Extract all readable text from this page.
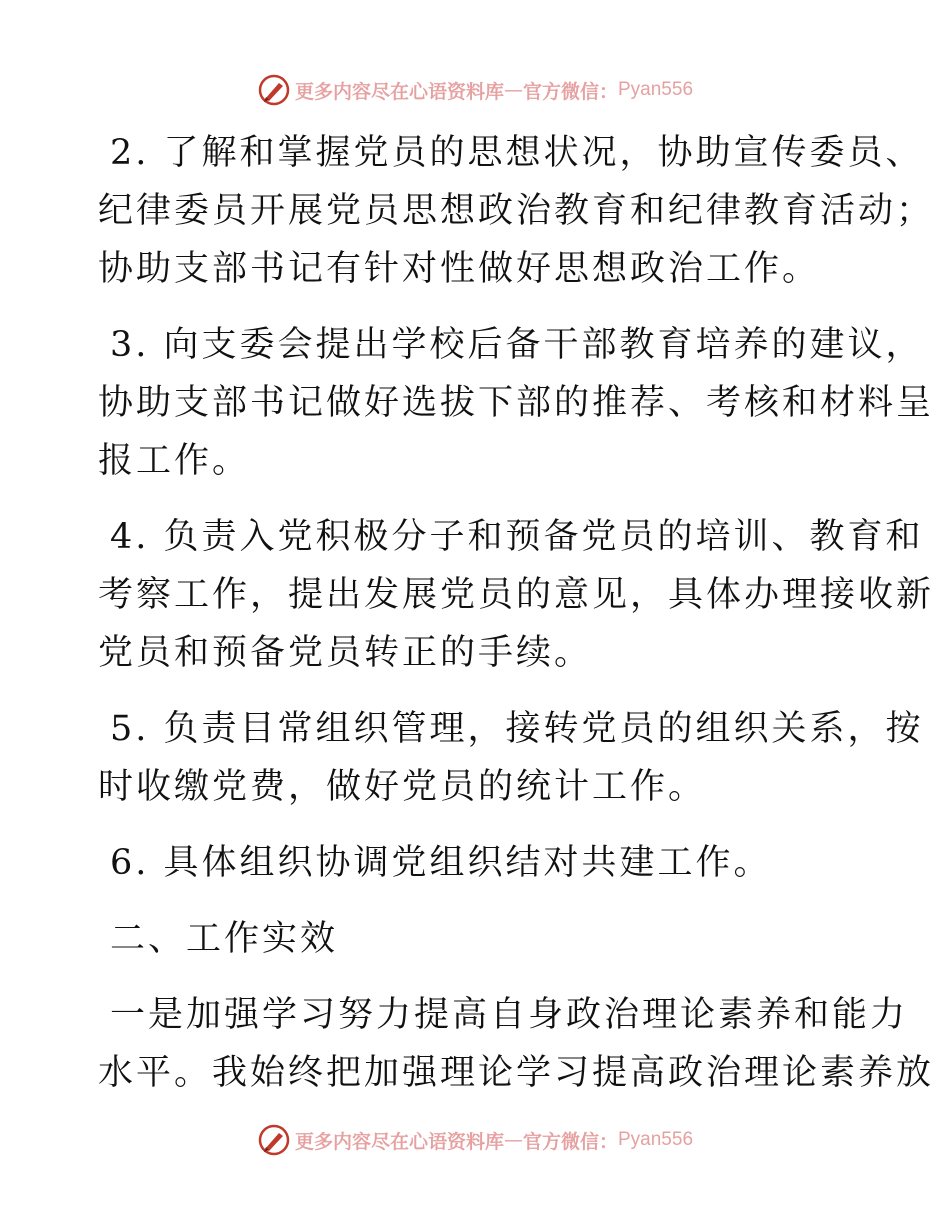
更多内容尽在心语资料库 — 官方微信： Pyan556
2. 了解和掌握党员的思想状况，协助宣传委员、
纪律委员开展党员思想政治教育和纪律教育活动；
协助支部书记有针对性做好思想政治工作。
3. 向支委会提出学校后备干部教育培养的建议，
协助支部书记做好选拔下部的推荐、考核和材料呈
报工作。
4. 负责入党积极分子和预备党员的培训、教育和
考察工作，提出发展党员的意见，具体办理接收新
党员和预备党员转正的手续。
5. 负责目常组织管理，接转党员的组织关系，按
时收缴党费，做好党员的统计工作。
6. 具体组织协调党组织结对共建工作。
二、工作实效
一是加强学习努力提高自身政治理论素养和能力
水平。我始终把加强理论学习提高政治理论素养放
更多内容尽在心语资料库 — 官方微信： Pyan556
